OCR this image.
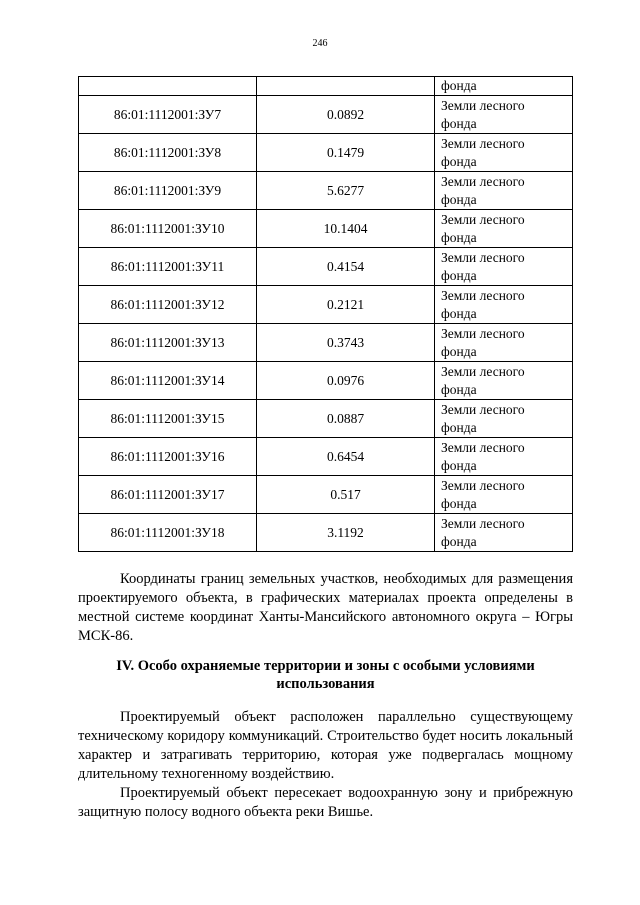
246
		фонда
86:01:1112001:ЗУ7	0.0892	Земли лесного
фонда

86:01:1112001:ЗУ8	0.1479	Земли лесного
фонда

86:01:1112001:ЗУ9	5.6277	Земли лесного
фонда

86:01:1112001:ЗУ10	10.1404	Земли лесного
фонда

86:01:1112001:ЗУ11	0.4154	Земли лесного
фонда

86:01:1112001:ЗУ12	0.2121	Земли лесного
фонда

86:01:1112001:ЗУ13	0.3743	Земли лесного
фонда

86:01:1112001:ЗУ14	0.0976	Земли лесного
фонда

86:01:1112001:ЗУ15	0.0887	Земли лесного
фонда

86:01:1112001:ЗУ16	0.6454	Земли лесного
фонда

86:01:1112001:ЗУ17	0.517	Земли лесного
фонда

86:01:1112001:ЗУ18	3.1192	Земли лесного
фонда

Координаты границ земельных участков, необходимых для размещения проектируемого объекта, в графических материалах проекта определены в местной системе координат Ханты-Мансийского автономного округа – Югры МСК-86.

IV. Особо охраняемые территории и зоны с особыми условиями использования

Проектируемый объект расположен параллельно существующему техническому коридору коммуникаций. Строительство будет носить локальный характер и затрагивать территорию, которая уже подвергалась мощному длительному техногенному воздействию.

Проектируемый объект пересекает водоохранную зону и прибрежную защитную полосу водного объекта реки Вишье.
